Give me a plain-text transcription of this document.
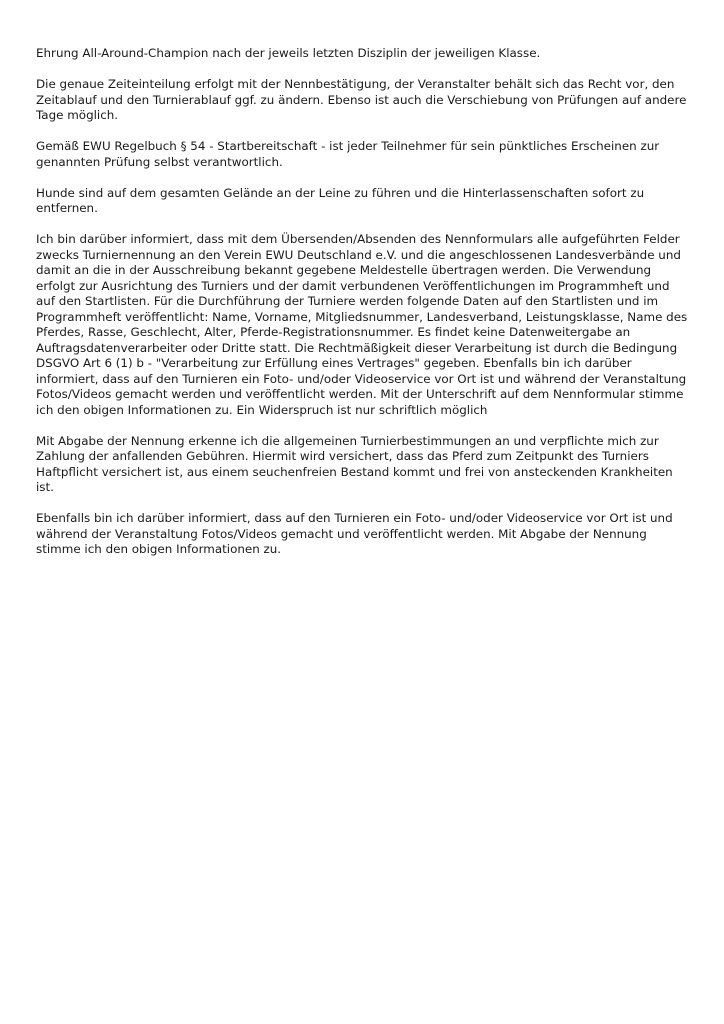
Ehrung All-Around-Champion nach der jeweils letzten Disziplin der jeweiligen Klasse.

Die genaue Zeiteinteilung erfolgt mit der Nennbestätigung, der Veranstalter behält sich das Recht vor, den Zeitablauf und den Turnierablauf ggf. zu ändern. Ebenso ist auch die Verschiebung von Prüfungen auf andere Tage möglich.

Gemäß EWU Regelbuch § 54 - Startbereitschaft - ist jeder Teilnehmer für sein pünktliches Erscheinen zur genannten Prüfung selbst verantwortlich.

Hunde sind auf dem gesamten Gelände an der Leine zu führen und die Hinterlassenschaften sofort zu entfernen.

Ich bin darüber informiert, dass mit dem Übersenden/Absenden des Nennformulars alle aufgeführten Felder zwecks Turniernennung an den Verein EWU Deutschland e.V. und die angeschlossenen Landesverbände und damit an die in der Ausschreibung bekannt gegebene Meldestelle übertragen werden. Die Verwendung erfolgt zur Ausrichtung des Turniers und der damit verbundenen Veröffentlichungen im Programmheft und auf den Startlisten. Für die Durchführung der Turniere werden folgende Daten auf den Startlisten und im Programmheft veröffentlicht: Name, Vorname, Mitgliedsnummer, Landesverband, Leistungsklasse, Name des Pferdes, Rasse, Geschlecht, Alter, Pferde-Registrationsnummer. Es findet keine Datenweitergabe an Auftragsdatenverarbeiter oder Dritte statt. Die Rechtmäßigkeit dieser Verarbeitung ist durch die Bedingung DSGVO Art 6 (1) b - "Verarbeitung zur Erfüllung eines Vertrages" gegeben. Ebenfalls bin ich darüber informiert, dass auf den Turnieren ein Foto- und/oder Videoservice vor Ort ist und während der Veranstaltung Fotos/Videos gemacht werden und veröffentlicht werden. Mit der Unterschrift auf dem Nennformular stimme ich den obigen Informationen zu. Ein Widerspruch ist nur schriftlich möglich

Mit Abgabe der Nennung erkenne ich die allgemeinen Turnierbestimmungen an und verpflichte mich zur Zahlung der anfallenden Gebühren. Hiermit wird versichert, dass das Pferd zum Zeitpunkt des Turniers Haftpflicht versichert ist, aus einem seuchenfreien Bestand kommt und frei von ansteckenden Krankheiten ist.

Ebenfalls bin ich darüber informiert, dass auf den Turnieren ein Foto- und/oder Videoservice vor Ort ist und während der Veranstaltung Fotos/Videos gemacht und veröffentlicht werden. Mit Abgabe der Nennung stimme ich den obigen Informationen zu.
